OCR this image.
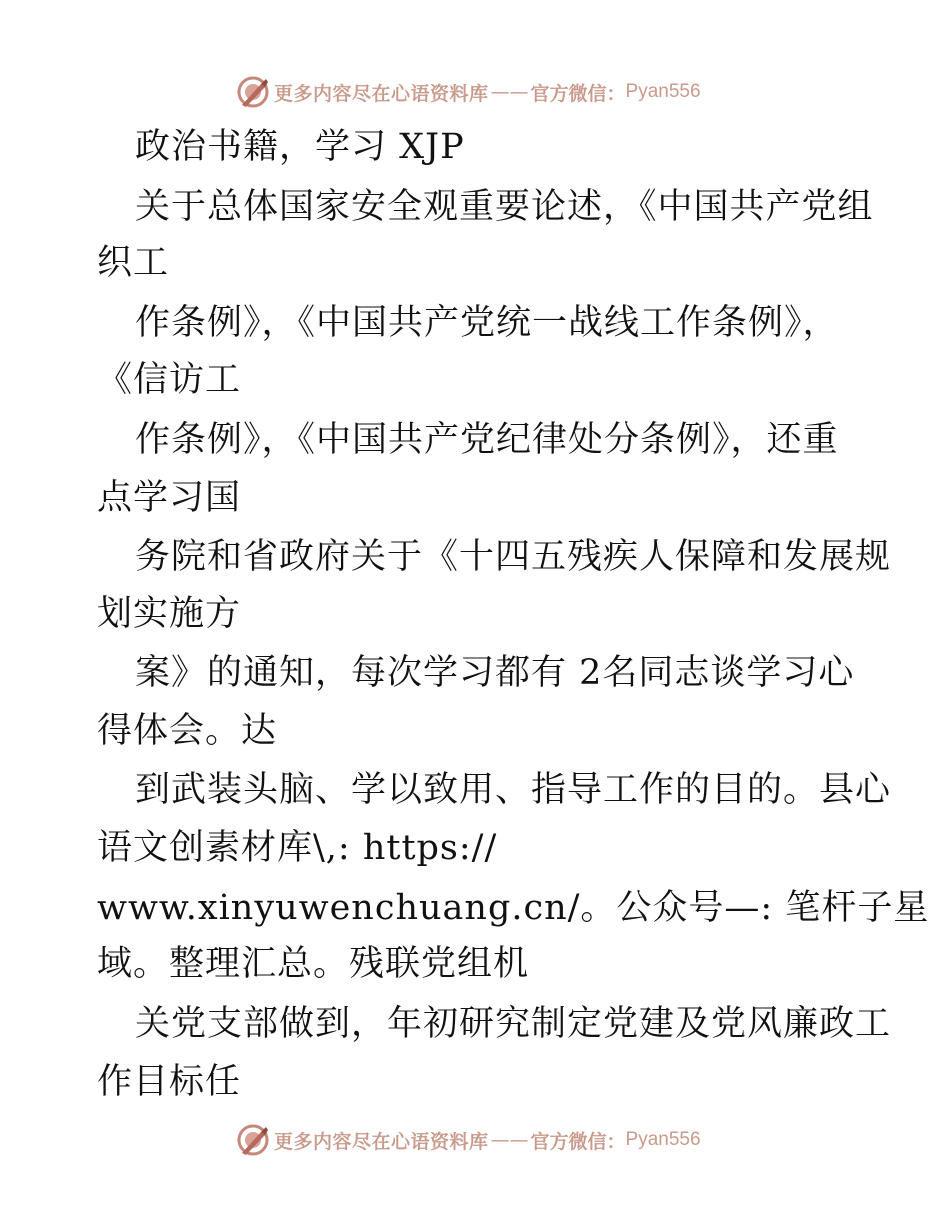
更多内容尽在心语资料库 —— 官方微信： Pyan556
政治书籍，学习 XJP
关于总体国家安全观重要论述，《中国共产党组
织工
作条例》，《中国共产党统一战线工作条例》，
《信访工
作条例》，《中国共产党纪律处分条例》，还重
点学习国
务院和省政府关于《十四五残疾人保障和发展规
划实施方
案》的通知，每次学习都有 2名同志谈学习心
得体会。达
到武装头脑、学以致用、指导工作的目的。县心
语文创素材库\,: https://
www.xinyuwenchuang.cn/。公众号—: 笔杆子星
域。整理汇总。残联党组机
关党支部做到，年初研究制定党建及党风廉政工
作目标任
更多内容尽在心语资料库 —— 官方微信： Pyan556
